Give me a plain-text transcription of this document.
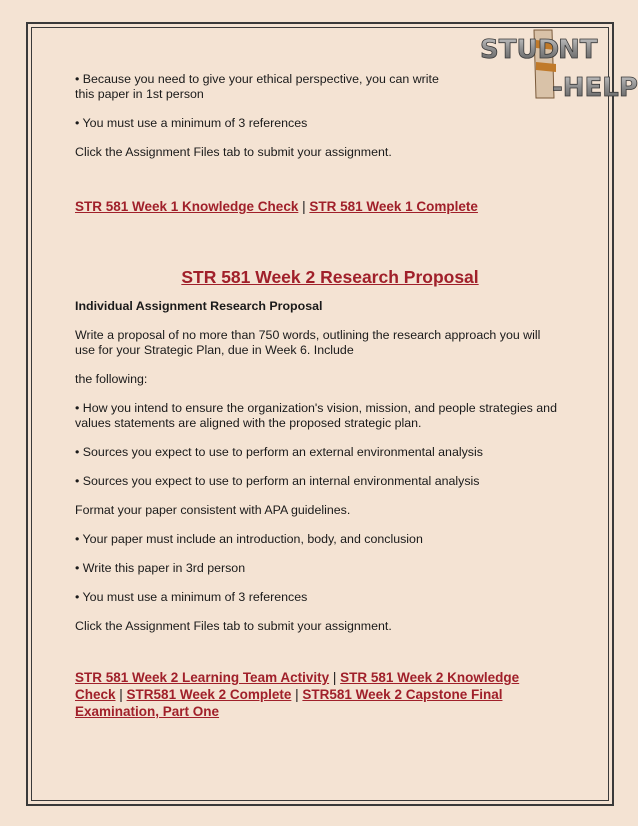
STUD
NT
-HELP

• Because you need to give your ethical perspective, you can write

this paper in 1st person

• You must use a minimum of 3 references

Click the Assignment Files tab to submit your assignment.

STR 581 Week 1 Knowledge Check | STR 581 Week 1 Complete

STR 581 Week 2 Research Proposal

Individual Assignment Research Proposal

Write a proposal of no more than 750 words, outlining the research approach you will

use for your Strategic Plan, due in Week 6. Include

the following:

• How you intend to ensure the organization's vision, mission, and people strategies and

values statements are aligned with the proposed strategic plan.

• Sources you expect to use to perform an external environmental analysis

• Sources you expect to use to perform an internal environmental analysis

Format your paper consistent with APA guidelines.

• Your paper must include an introduction, body, and conclusion

• Write this paper in 3rd person

• You must use a minimum of 3 references

Click the Assignment Files tab to submit your assignment.

STR 581 Week 2 Learning Team Activity | STR 581 Week 2 Knowledge
Check | STR581 Week 2 Complete | STR581 Week 2 Capstone Final
Examination, Part One
